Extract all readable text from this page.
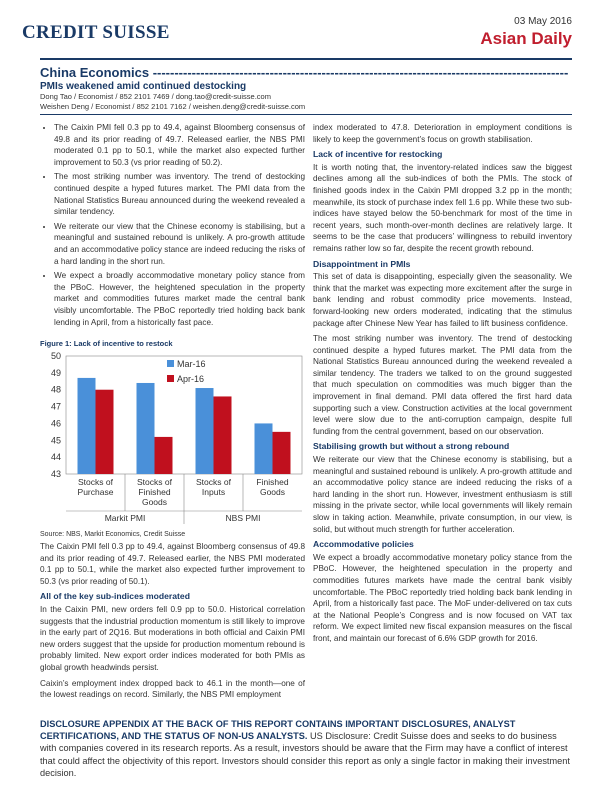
CREDIT SUISSE
03 May 2016
Asian Daily
China Economics ------------------------------------------------------------------------------------------------
PMIs weakened amid continued destocking
Dong Tao / Economist / 852 2101 7469 / dong.tao@credit-suisse.com
Weishen Deng / Economist / 852 2101 7162 / weishen.deng@credit-suisse.com
• The Caixin PMI fell 0.3 pp to 49.4, against Bloomberg consensus of 49.8 and its prior reading of 49.7. Released earlier, the NBS PMI moderated 0.1 pp to 50.1, while the market also expected further improvement to 50.3 (vs prior reading of 50.2).
• The most striking number was inventory. The trend of destocking continued despite a hyped futures market. The PMI data from the National Statistics Bureau announced during the weekend revealed a similar tendency.
• We reiterate our view that the Chinese economy is stabilising, but a meaningful and sustained rebound is unlikely. A pro-growth attitude and an accommodative policy stance are indeed reducing the risks of a hard landing in the short run.
• We expect a broadly accommodative monetary policy stance from the PBoC. However, the heightened speculation in the property market and commodities futures market made the central bank visibly uncomfortable. The PBoC reportedly tried holding back bank lending in April, from a historically fast pace.
Figure 1: Lack of incentive to restock
43
44
45
46
47
48
49
50
Stocks of
Purchase
Stocks of
Finished
Goods
Stocks of
Inputs
Finished
Goods
Markit PMI	NBS PMI
Mar-16
Apr-16
Source: NBS, Markit Economics, Credit Suisse

The Caixin PMI fell 0.3 pp to 49.4, against Bloomberg consensus of 49.8 and its prior reading of 49.7. Released earlier, the NBS PMI moderated 0.1 pp to 50.1, while the market also expected further improvement to 50.3 (vs prior reading of 50.1).

All of the key sub-indices moderated

In the Caixin PMI, new orders fell 0.9 pp to 50.0. Historical correlation suggests that the industrial production momentum is still likely to improve in the early part of 2Q16. But moderations in both official and Caixin PMI new orders suggest that the upside for production momentum rebound is probably limited. New export order indices moderated for both PMIs as global growth headwinds persist.

Caixin’s employment index dropped back to 46.1 in the month—one of the lowest readings on record. Similarly, the NBS PMI employment

index moderated to 47.8. Deterioration in employment conditions is likely to keep the government’s focus on growth stabilisation.

Lack of incentive for restocking

It is worth noting that, the inventory-related indices saw the biggest declines among all the sub-indices of both the PMIs. The stock of finished goods index in the Caixin PMI dropped 3.2 pp in the month; meanwhile, its stock of purchase index fell 1.6 pp. While these two sub-indices have stayed below the 50-benchmark for most of the time in recent years, such month-over-month declines are relatively large. It seems to be the case that producers’ willingness to rebuild inventory remains rather low so far, despite the recent growth rebound.

Disappointment in PMIs

This set of data is disappointing, especially given the seasonality. We think that the market was expecting more excitement after the surge in bank lending and robust commodity price movements. Instead, forward-looking new orders moderated, indicating that the stimulus package after Chinese New Year has failed to lift business confidence.

The most striking number was inventory. The trend of destocking continued despite a hyped futures market. The PMI data from the National Statistics Bureau announced during the weekend revealed a similar tendency. The traders we talked to on the ground suggested that much speculation on commodities was much bigger than the improvement in final demand. PMI data offered the first hard data supporting such a view. Construction activities at the local government level were slow due to the anti-corruption campaign, despite full funding from the central government, based on our observation.

Stabilising growth but without a strong rebound

We reiterate our view that the Chinese economy is stabilising, but a meaningful and sustained rebound is unlikely. A pro-growth attitude and an accommodative policy stance are indeed reducing the risks of a hard landing in the short run. However, investment enthusiasm is still missing in the private sector, while local governments will likely remain slow in taking action. Meanwhile, private consumption, in our view, is solid, but without much strength for further acceleration.

Accommodative policies

We expect a broadly accommodative monetary policy stance from the PBoC. However, the heightened speculation in the property and commodities futures markets have made the central bank visibly uncomfortable. The PBoC reportedly tried holding back bank lending in April, from a historically fast pace. The MoF under-delivered on tax cuts at the National People’s Congress and is now focused on VAT tax reform. We expect limited new fiscal expansion measures on the fiscal front, and maintain our forecast of 6.6% GDP growth for 2016.

DISCLOSURE APPENDIX AT THE BACK OF THIS REPORT CONTAINS IMPORTANT DISCLOSURES, ANALYST CERTIFICATIONS, AND THE STATUS OF NON-US ANALYSTS. US Disclosure: Credit Suisse does and seeks to do business with companies covered in its research reports. As a result, investors should be aware that the Firm may have a conflict of interest that could affect the objectivity of this report. Investors should consider this report as only a single factor in making their investment decision.
